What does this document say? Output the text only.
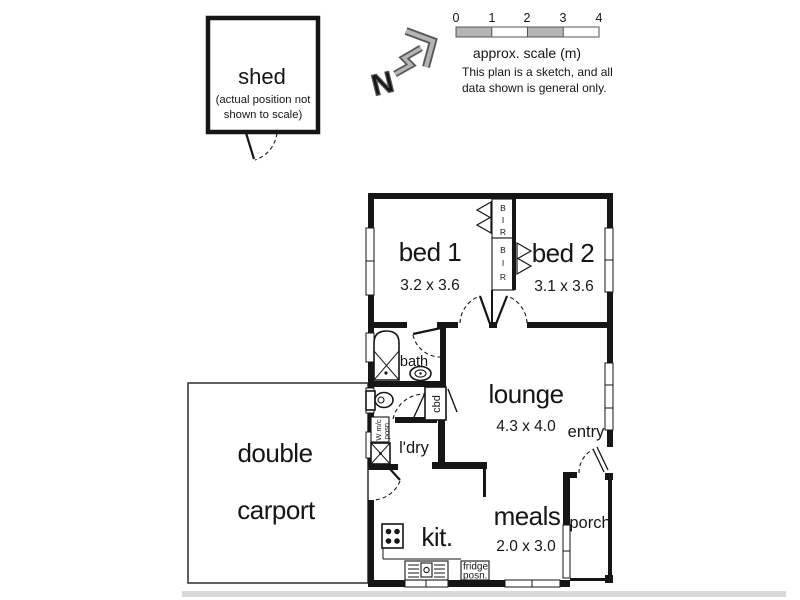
shed
(actual position not
shown to scale)
N
0 1 2 3 4
approx. scale (m)
This plan is a sketch, and all
data shown is general only.
double
carport
B
I
R
B
I
R
W m/c posn.
cbd
fridge
posn.
bed 1
3.2 x 3.6
bed 2
3.1 x 3.6
bath
lounge
4.3 x 4.0 entry
l'dry
kit.
meals
2.0 x 3.0
porch
